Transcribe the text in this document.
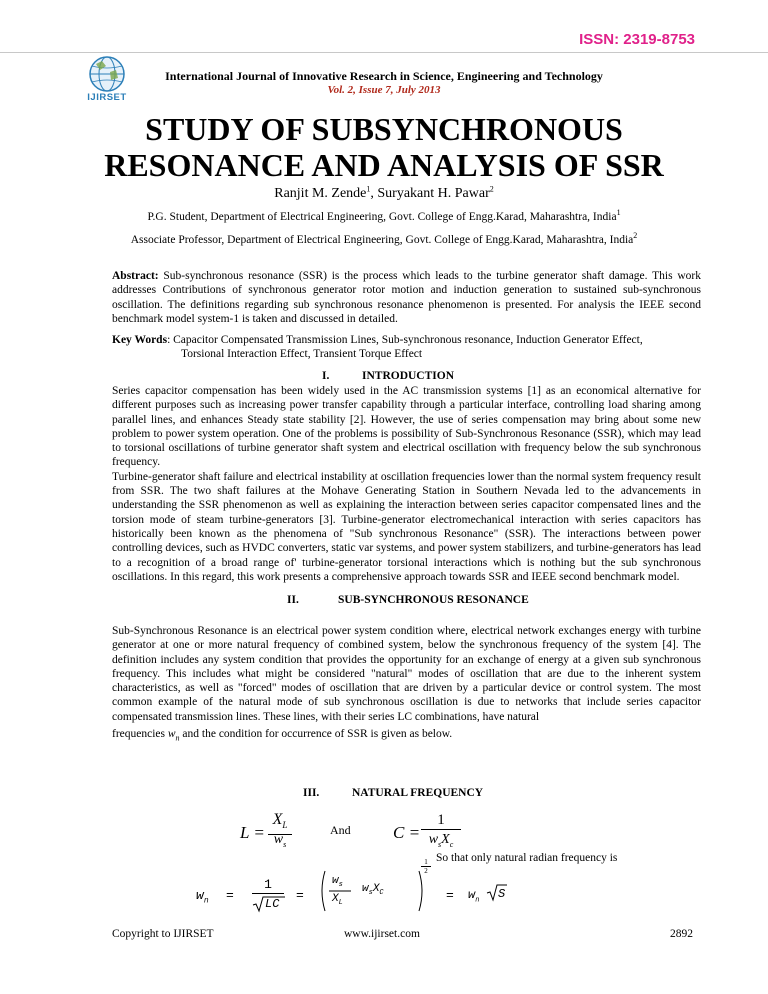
ISSN: 2319-8753
IJIRSET
International Journal of Innovative Research in Science, Engineering and Technology
Vol. 2, Issue 7, July 2013
STUDY OF SUBSYNCHRONOUS
RESONANCE AND ANALYSIS OF SSR
Ranjit M. Zende$^1$, Suryakant H. Pawar$^2$
P.G. Student, Department of Electrical Engineering, Govt. College of Engg.Karad, Maharashtra, India$^1$
Associate Professor, Department of Electrical Engineering, Govt. College of Engg.Karad, Maharashtra, India$^2$

Abstract: Sub-synchronous resonance (SSR) is the process which leads to the turbine generator shaft damage. This work addresses Contributions of synchronous generator rotor motion and induction generation to sustained sub-synchronous oscillation. The definitions regarding sub synchronous resonance phenomenon is presented. For analysis the IEEE second benchmark model system-1 is taken and discussed in detailed.

Key Words: Capacitor Compensated Transmission Lines, Sub-synchronous resonance, Induction Generator Effect,

Torsional Interaction Effect, Transient Torque Effect

I.	INTRODUCTION

Series capacitor compensation has been widely used in the AC transmission systems [1] as an economical alternative for different purposes such as increasing power transfer capability through a particular interface, controlling load sharing among parallel lines, and enhances Steady state stability [2]. However, the use of series compensation may bring about some new problem to power system operation. One of the problems is possibility of Sub-Synchronous Resonance (SSR), which may lead to torsional oscillations of turbine generator shaft system and electrical oscillation with frequency below the sub synchronous frequency.

Turbine-generator shaft failure and electrical instability at oscillation frequencies lower than the normal system frequency result from SSR. The two shaft failures at the Mohave Generating Station in Southern Nevada led to the advancements in understanding the SSR phenomenon as well as explaining the interaction between series capacitor compensated lines and the torsion mode of steam turbine-generators [3]. Turbine-generator electromechanical interaction with series capacitors has historically been known as the phenomena of "Sub synchronous Resonance" (SSR). The interactions between power controlling devices, such as HVDC converters, static var systems, and power system stabilizers, and turbine-generators has lead to a recognition of a broad range of' turbine-generator torsional interactions which is nothing but the sub synchronous oscillations. In this regard, this work presents a comprehensive approach towards SSR and IEEE second benchmark model.

II.	SUB-SYNCHRONOUS RESONANCE

Sub-Synchronous Resonance is an electrical power system condition where, electrical network exchanges energy with turbine generator at one or more natural frequency of combined system, below the synchronous frequency of the system [4]. The definition includes any system condition that provides the opportunity for an exchange of energy at a given sub synchronous frequency. This includes what might be considered "natural" modes of oscillation that are due to the inherent system characteristics, as well as "forced" modes of oscillation that are driven by a particular device or control system. The most common example of the natural mode of sub synchronous oscillation is due to networks that include series capacitor compensated transmission lines. These lines, with their series LC combinations, have natural

frequencies $w_n$ and the condition for occurrence of SSR is given as below.

III.	NATURAL FREQUENCY
L =
$X_L$
$w_s$
And C =
1
$w_sX_c$
So that only natural radian frequency is
$w_n$ =
1
LC
=
$w_s$
$X_L$
$w_sX_C$
$\frac{1}{2}$
= $w_n$ S
Copyright to IJIRSET	www.ijirset.com	2892
